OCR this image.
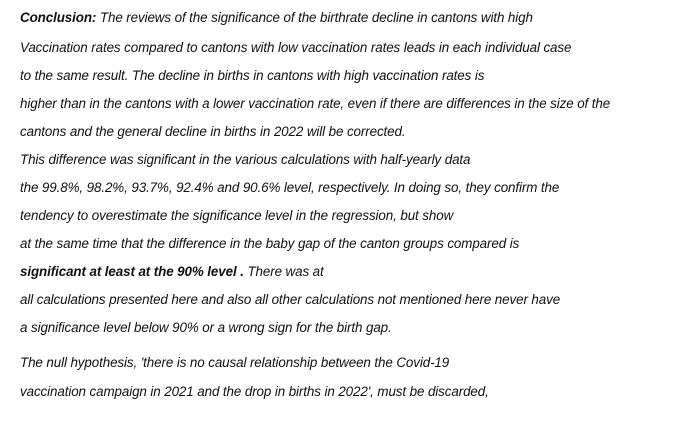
Conclusion: The reviews of the significance of the birthrate decline in cantons with high
Vaccination rates compared to cantons with low vaccination rates leads in each individual case
to the same result. The decline in births in cantons with high vaccination rates is
higher than in the cantons with a lower vaccination rate, even if there are differences in the size of the
cantons and the general decline in births in 2022 will be corrected.
This difference was significant in the various calculations with half-yearly data
the 99.8%, 98.2%, 93.7%, 92.4% and 90.6% level, respectively. In doing so, they confirm the
tendency to overestimate the significance level in the regression, but show
at the same time that the difference in the baby gap of the canton groups compared is
significant at least at the 90% level . There was at
all calculations presented here and also all other calculations not mentioned here never have
a significance level below 90% or a wrong sign for the birth gap.
The null hypothesis, 'there is no causal relationship between the Covid-19
vaccination campaign in 2021 and the drop in births in 2022', must be discarded,
